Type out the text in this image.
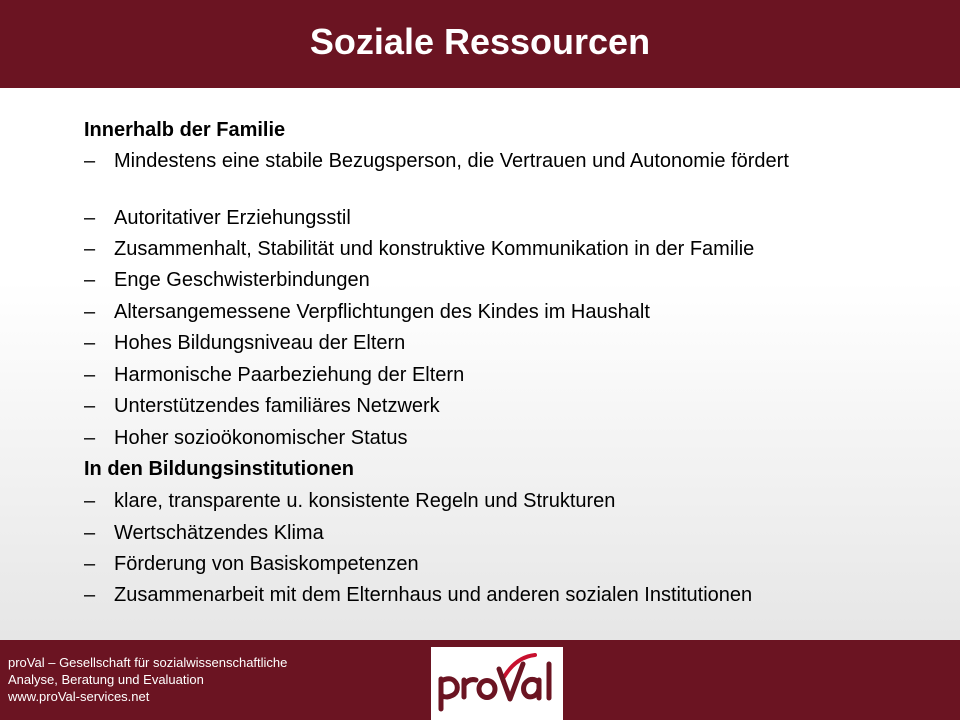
Soziale Ressourcen
Innerhalb der Familie
– Mindestens eine stabile Bezugsperson, die Vertrauen und Autonomie fördert
– Autoritativer Erziehungsstil
– Zusammenhalt, Stabilität und konstruktive Kommunikation in der Familie
– Enge Geschwisterbindungen
– Altersangemessene Verpflichtungen des Kindes im Haushalt
– Hohes Bildungsniveau der Eltern
– Harmonische Paarbeziehung der Eltern
– Unterstützendes familiäres Netzwerk
– Hoher sozioökonomischer Status
In den Bildungsinstitutionen
– klare, transparente u. konsistente Regeln und Strukturen
– Wertschätzendes Klima
– Förderung von Basiskompetenzen
– Zusammenarbeit mit dem Elternhaus und anderen sozialen Institutionen
proVal – Gesellschaft für sozialwissenschaftliche
Analyse, Beratung und Evaluation
www.proVal-services.net
